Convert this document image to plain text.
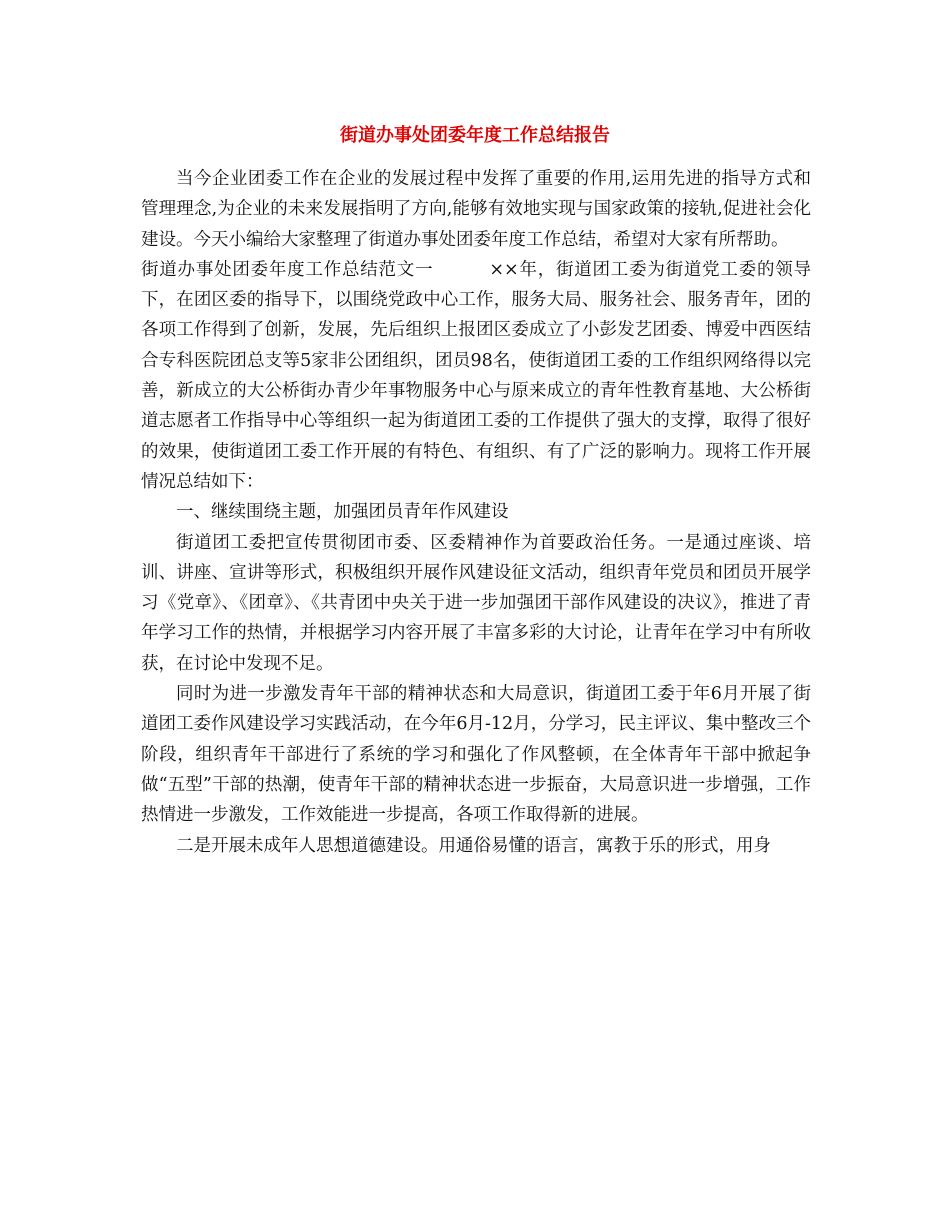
街道办事处团委年度工作总结报告

当今企业团委工作在企业的发展过程中发挥了重要的作用,运用先进的指导方式和管理理念,为企业的未来发展指明了方向,能够有效地实现与国家政策的接轨,促进社会化建设。今天小编给大家整理了街道办事处团委年度工作总结，希望对大家有所帮助。

街道办事处团委年度工作总结范文一	××年，街道团工委为街道党工委的领导下，在团区委的指导下，以围绕党政中心工作，服务大局、服务社会、服务青年，团的各项工作得到了创新，发展，先后组织上报团区委成立了小彭发艺团委、博爱中西医结合专科医院团总支等5家非公团组织，团员98名，使街道团工委的工作组织网络得以完善，新成立的大公桥街办青少年事物服务中心与原来成立的青年性教育基地、大公桥街道志愿者工作指导中心等组织一起为街道团工委的工作提供了强大的支撑，取得了很好的效果，使街道团工委工作开展的有特色、有组织、有了广泛的影响力。现将工作开展情况总结如下：

一、继续围绕主题，加强团员青年作风建设

街道团工委把宣传贯彻团市委、区委精神作为首要政治任务。一是通过座谈、培训、讲座、宣讲等形式，积极组织开展作风建设征文活动，组织青年党员和团员开展学习《党章》、《团章》、《共青团中央关于进一步加强团干部作风建设的决议》，推进了青年学习工作的热情，并根据学习内容开展了丰富多彩的大讨论，让青年在学习中有所收获，在讨论中发现不足。

同时为进一步激发青年干部的精神状态和大局意识，街道团工委于年6月开展了街道团工委作风建设学习实践活动，在今年6月-12月，分学习，民主评议、集中整改三个阶段，组织青年干部进行了系统的学习和强化了作风整顿，在全体青年干部中掀起争做“五型”干部的热潮，使青年干部的精神状态进一步振奋，大局意识进一步增强，工作热情进一步激发，工作效能进一步提高，各项工作取得新的进展。

二是开展未成年人思想道德建设。用通俗易懂的语言，寓教于乐的形式，用身
